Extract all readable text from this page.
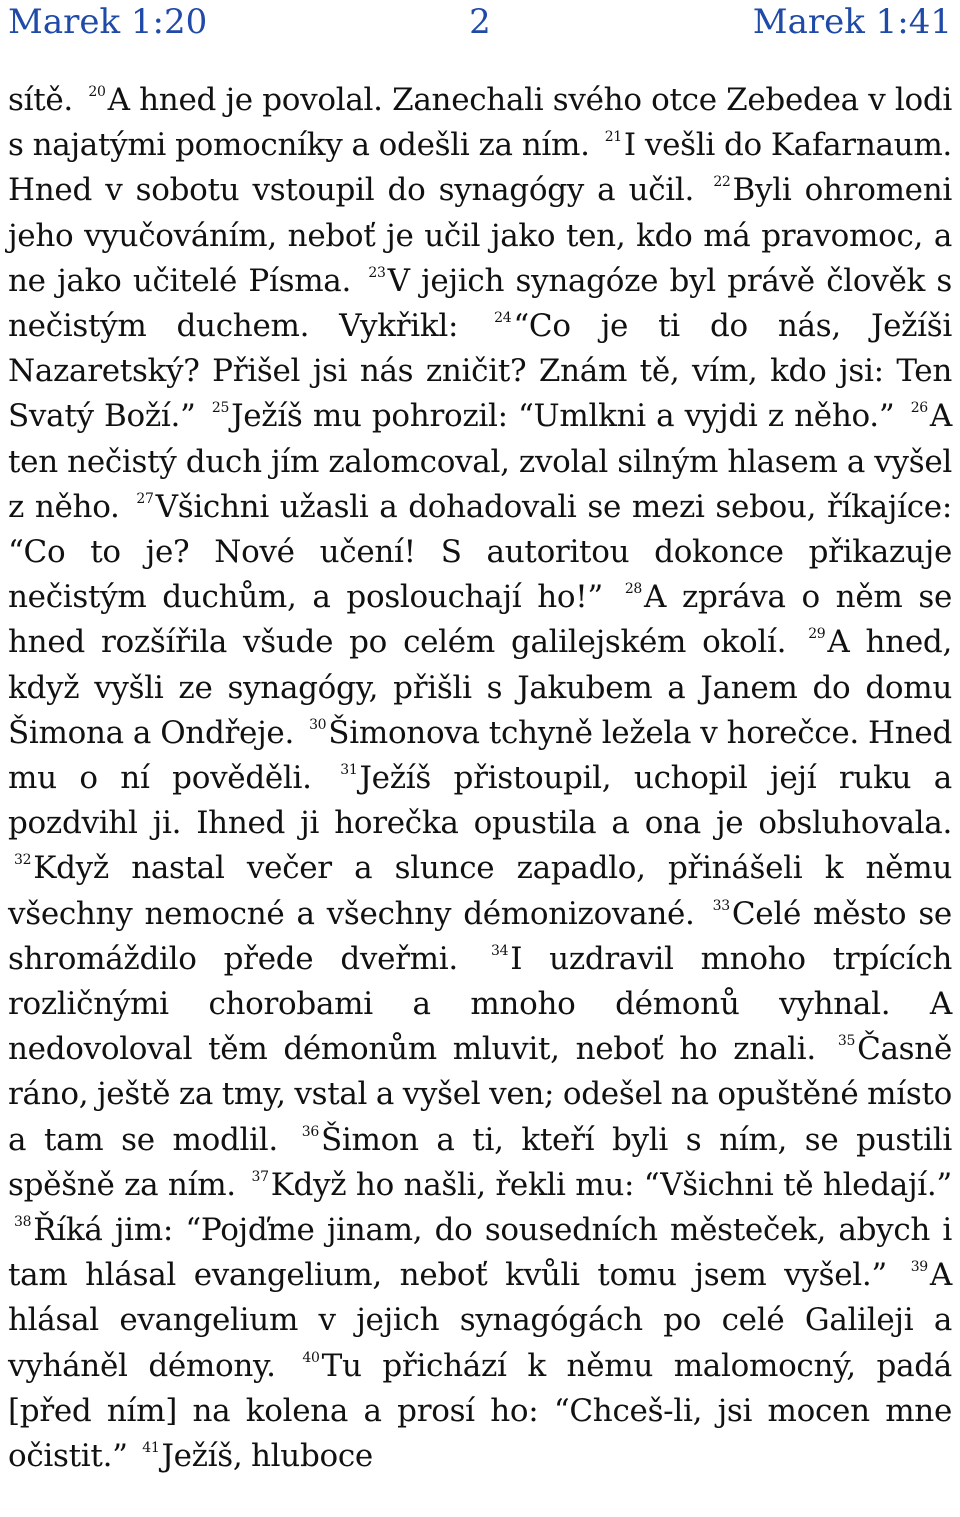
Marek 1:20	2	Marek 1:41
sítě. $^{20}$A hned je povolal. Zanechali svého otce Zebedea v lodi s najatými pomocníky a odešli za ním. $^{21}$I vešli do Kafarnaum. Hned v sobotu vstoupil do synagógy a učil. $^{22}$Byli ohromeni jeho vyučováním, neboť je učil jako ten, kdo má pravomoc, a ne jako učitelé Písma. $^{23}$V jejich synagóze byl právě člověk s nečistým duchem. Vykřikl:	$^{24}$“Co je ti do nás, Ježíši Nazaretský? Přišel jsi nás zničit? Znám tě, vím, kdo jsi: Ten Svatý Boží.” $^{25}$Ježíš mu pohrozil: “Umlkni a vyjdi z něho.” $^{26}$A ten nečistý duch jím zalomcoval, zvolal silným hlasem a vyšel z něho. $^{27}$Všichni užasli a dohadovali se mezi sebou, říkajíce: “Co to je? Nové učení! S autoritou dokonce přikazuje nečistým duchům, a poslouchají ho!” $^{28}$A zpráva o něm se hned rozšířila všude po celém galilejském okolí. $^{29}$A hned, když vyšli ze synagógy, přišli s Jakubem a Janem do domu Šimona a Ondřeje. $^{30}$Šimonova tchyně ležela v horečce. Hned mu o ní pověděli. $^{31}$Ježíš přistoupil, uchopil její ruku a pozdvihl ji. Ihned ji horečka opustila a ona je obsluhovala. $^{32}$Když nastal večer a slunce zapadlo, přinášeli k němu všechny nemocné a všechny démonizované. $^{33}$Celé město se shromáždilo přede dveřmi. $^{34}$I uzdravil mnoho trpících rozličnými chorobami a mnoho démonů vyhnal. A nedovoloval těm démonům mluvit, neboť ho znali. $^{35}$Časně ráno, ještě za tmy, vstal a vyšel ven; odešel na opuštěné místo a tam se modlil. $^{36}$Šimon a ti, kteří byli s ním, se pustili spěšně za ním. $^{37}$Když ho našli, řekli mu: “Všichni tě hledají.” $^{38}$Říká jim: “Pojďme jinam, do sousedních městeček, abych i tam hlásal evangelium, neboť kvůli tomu jsem vyšel.” $^{39}$A hlásal evangelium v jejich synagógách po celé Galileji a vyháněl démony. $^{40}$Tu přichází k němu malomocný, padá [před ním] na kolena a prosí ho: “Chceš-li, jsi mocen mne očistit.” $^{41}$Ježíš, hluboce
